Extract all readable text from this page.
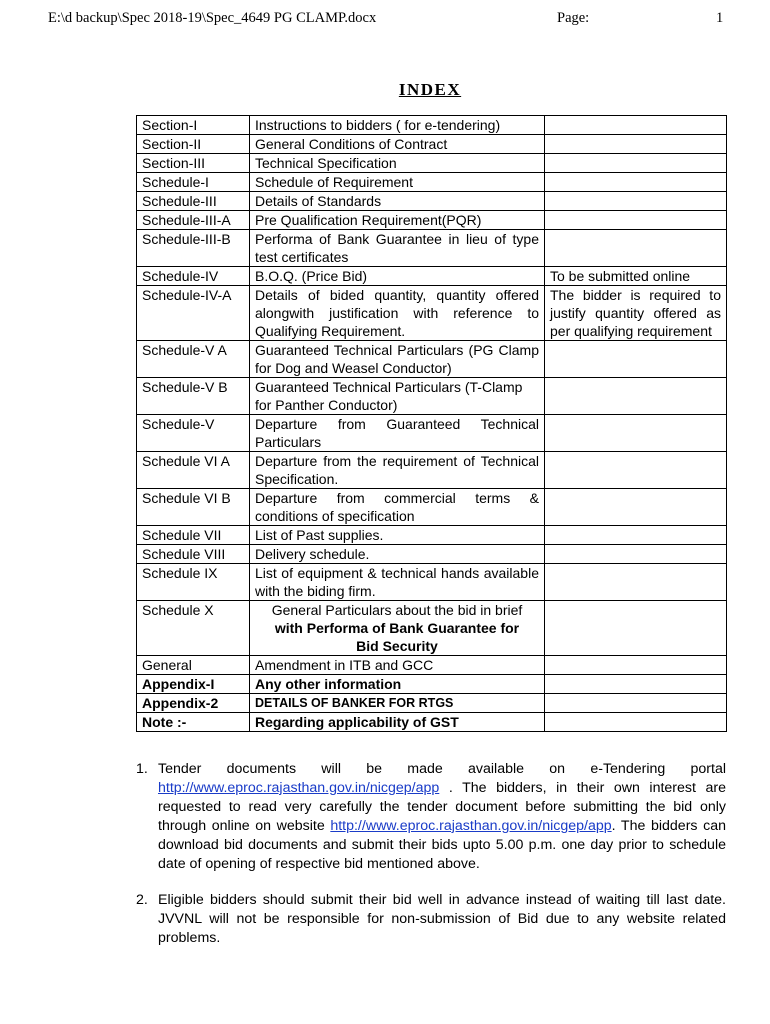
E:\d backup\Spec 2018-19\Spec_4649 PG CLAMP.docx	Page:	1
INDEX
Section-I	Instructions to bidders ( for e-tendering)	
Section-II	General Conditions of Contract	
Section-III	Technical Specification	
Schedule-I	Schedule of Requirement	
Schedule-III	Details of Standards	
Schedule-III-A	Pre Qualification Requirement(PQR)	
Schedule-III-B	Performa of Bank Guarantee in lieu of type test certificates	
Schedule-IV	B.O.Q. (Price Bid)	To be submitted online
Schedule-IV-A	Details of bided quantity, quantity offered alongwith justification with reference to Qualifying Requirement.	The bidder is required to justify quantity offered as per qualifying requirement
Schedule-V A	Guaranteed Technical Particulars (PG Clamp for Dog and Weasel Conductor)	
Schedule-V B	Guaranteed Technical Particulars (T-Clamp for Panther Conductor)	
Schedule-V	Departure from Guaranteed Technical Particulars	
Schedule VI A	Departure from the requirement of Technical Specification.	
Schedule VI B	Departure from commercial terms & conditions of specification	
Schedule VII	List of Past supplies.	
Schedule VIII	Delivery schedule.	
Schedule IX	List of equipment & technical hands available with the biding firm.	
Schedule X	General Particulars about the bid in brief
with Performa of Bank Guarantee for
Bid Security	

General	Amendment in ITB and GCC	
Appendix-I	Any other information	
Appendix-2	DETAILS OF BANKER FOR RTGS	
Note :-	Regarding applicability of GST	
1. Tender documents will be made available on e-Tendering portal http://www.eproc.rajasthan.gov.in/nicgep/app . The bidders, in their own interest are requested to read very carefully the tender document before submitting the bid only through online on website http://www.eproc.rajasthan.gov.in/nicgep/app. The bidders can download bid documents and submit their bids upto 5.00 p.m. one day prior to schedule date of opening of respective bid mentioned above.
2. Eligible bidders should submit their bid well in advance instead of waiting till last date. JVVNL will not be responsible for non-submission of Bid due to any website related problems.
